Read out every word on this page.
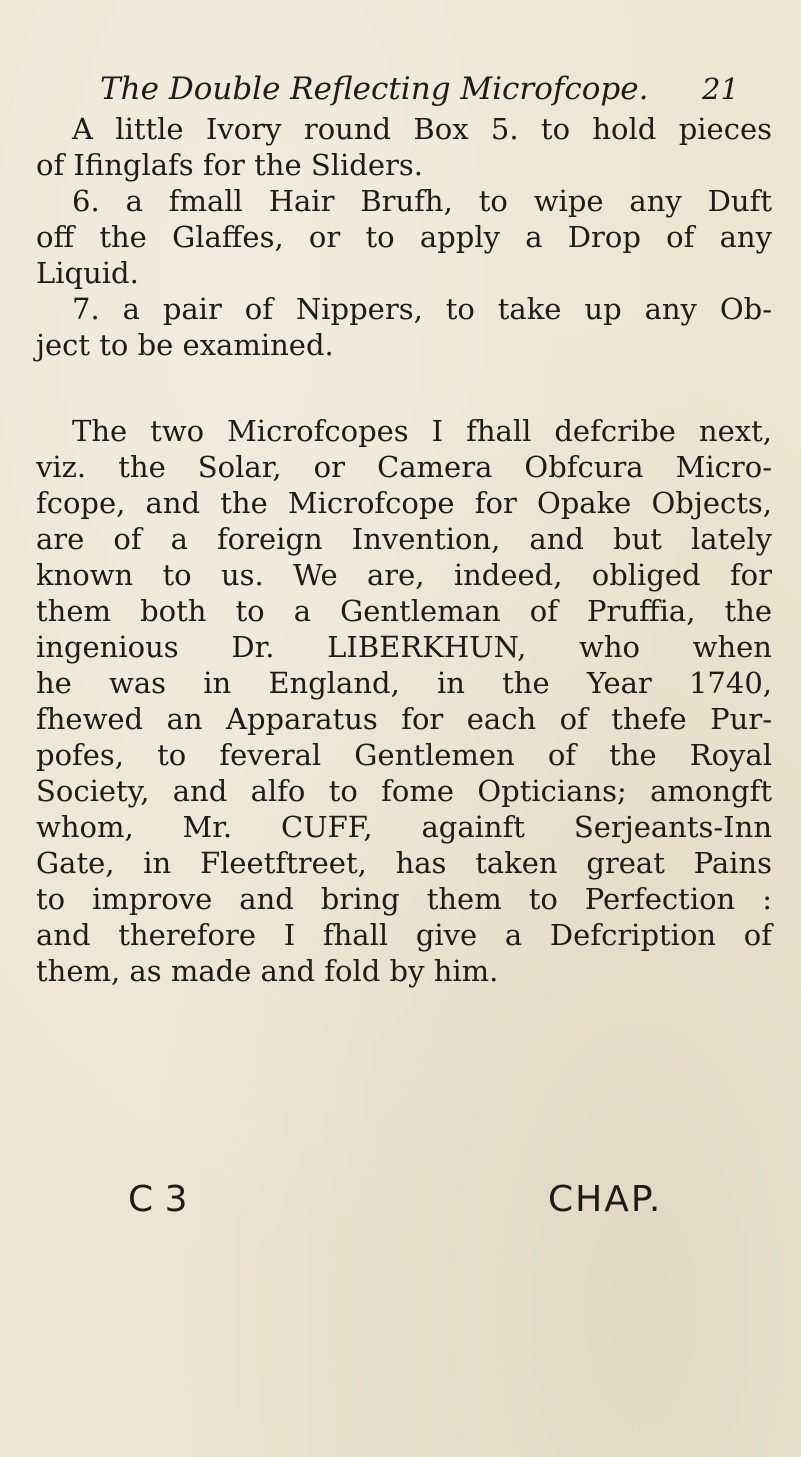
The Double Reflecting Microfcope. 21
A little Ivory round Box 5. to hold pieces
of Ifinglafs for the Sliders.
6. a fmall Hair Brufh, to wipe any Duft
off the Glaffes, or to apply a Drop of any
Liquid.
7. a pair of Nippers, to take up any Ob-
ject to be examined.
The two Microfcopes I fhall defcribe next,
viz. the Solar, or Camera Obfcura Micro-
fcope, and the Microfcope for Opake Objects,
are of a foreign Invention, and but lately
known to us. We are, indeed, obliged for
them both to a Gentleman of Pruffia, the
ingenious Dr. LIBERKHUN, who when
he was in England, in the Year 1740,
fhewed an Apparatus for each of thefe Pur-
pofes, to feveral Gentlemen of the Royal
Society, and alfo to fome Opticians; amongft
whom, Mr. CUFF, againft Serjeants-Inn
Gate, in Fleetftreet, has taken great Pains
to improve and bring them to Perfection :
and therefore I fhall give a Defcription of
them, as made and fold by him.
C 3	CHAP.
